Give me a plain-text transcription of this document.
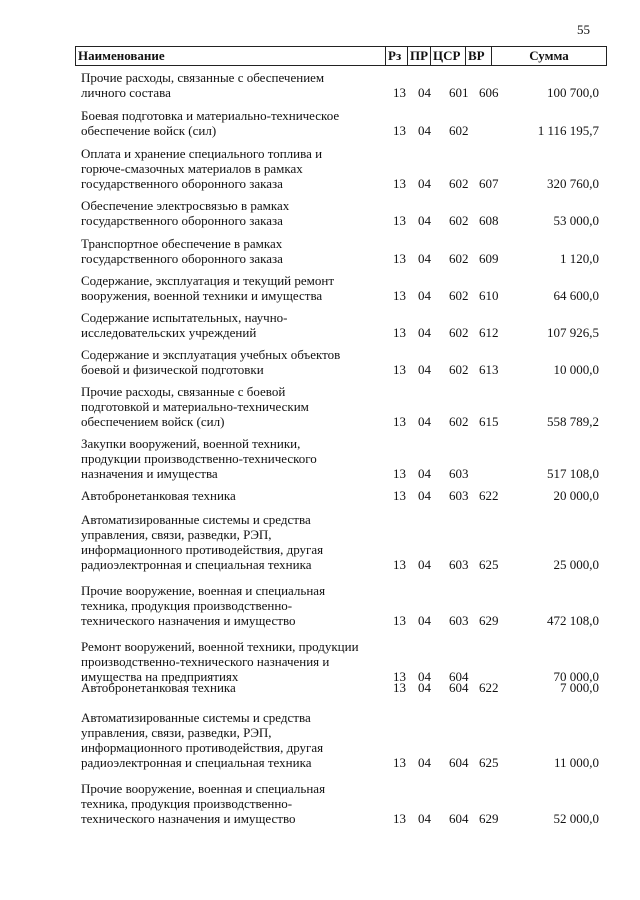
55
Наименование	Рз ПР ЦСР ВР	Сумма
Прочие расходы, связанные с обеспечением
личного состава	13 04 601 606	100 700,0
Боевая подготовка и материально-техническое
обеспечение войск (сил)	13 04 602	1 116 195,7
Оплата и хранение специального топлива и
горюче-смазочных материалов в рамках
государственного оборонного заказа	13 04 602 607	320 760,0
Обеспечение электросвязью в рамках
государственного оборонного заказа	13 04 602 608	53 000,0
Транспортное обеспечение в рамках
государственного оборонного заказа	13 04 602 609	1 120,0
Содержание, эксплуатация и текущий ремонт
вооружения, военной техники и имущества	13 04 602 610	64 600,0
Содержание испытательных, научно-
исследовательских учреждений	13 04 602 612	107 926,5
Содержание и эксплуатация учебных объектов
боевой и физической подготовки	13 04 602 613	10 000,0
Прочие расходы, связанные с боевой
подготовкой и материально-техническим
обеспечением войск (сил)	13 04 602 615	558 789,2
Закупки вооружений, военной техники,
продукции производственно-технического
назначения и имущества	13 04 603	517 108,0
Автобронетанковая техника	13 04 603 622	20 000,0
Автоматизированные системы и средства
управления, связи, разведки, РЭП,
информационного противодействия, другая
радиоэлектронная и специальная техника	13 04 603 625	25 000,0
Прочие вооружение, военная и специальная
техника, продукция производственно-
технического назначения и имущество	13 04 603 629	472 108,0
Ремонт вооружений, военной техники, продукции
производственно-технического назначения и
имущества на предприятиях	13 04 604	70 000,0
Автобронетанковая техника	13 04 604 622	7 000,0
Автоматизированные системы и средства
управления, связи, разведки, РЭП,
информационного противодействия, другая
радиоэлектронная и специальная техника	13 04 604 625	11 000,0
Прочие вооружение, военная и специальная
техника, продукция производственно-
технического назначения и имущество	13 04 604 629	52 000,0
